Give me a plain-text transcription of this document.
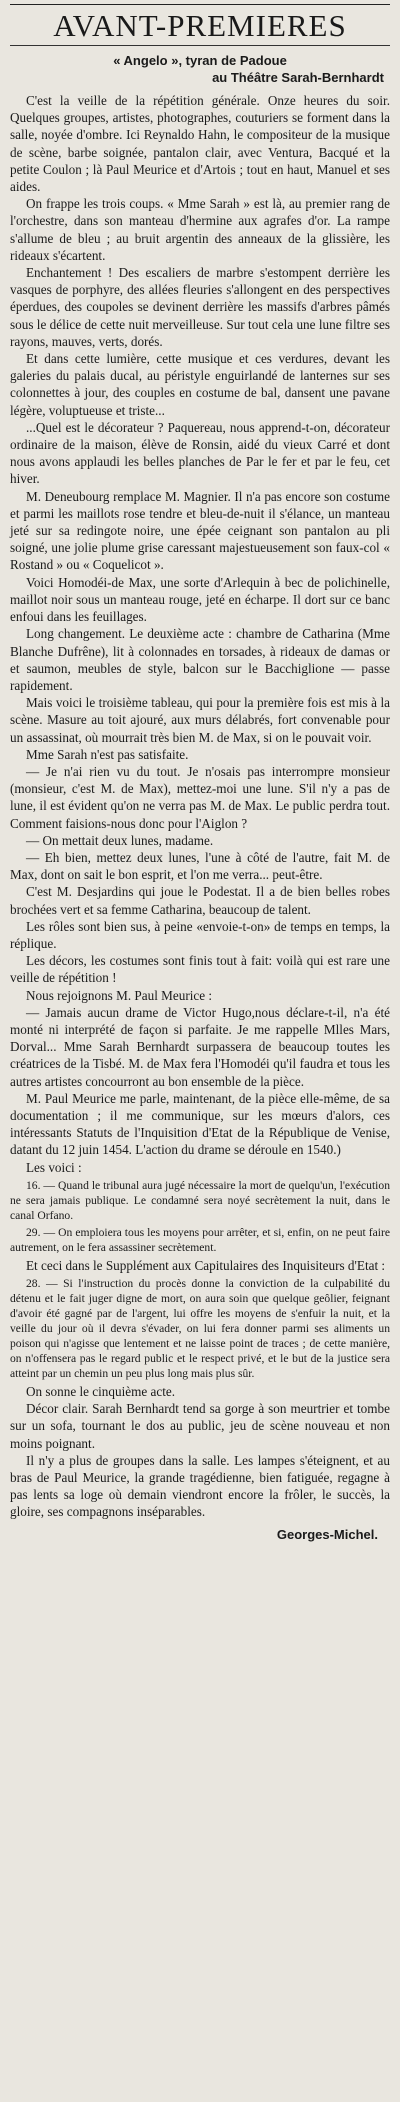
AVANT-PREMIERES
« Angelo », tyran de Padoue
au Théâtre Sarah-Bernhardt

C'est la veille de la répétition générale. Onze heures du soir. Quelques groupes, artistes, photographes, couturiers se forment dans la salle, noyée d'ombre. Ici Reynaldo Hahn, le compositeur de la musique de scène, barbe soignée, pantalon clair, avec Ventura, Bacqué et la petite Coulon ; là Paul Meurice et d'Artois ; tout en haut, Manuel et ses aides.

On frappe les trois coups. « Mme Sarah » est là, au premier rang de l'orchestre, dans son manteau d'hermine aux agrafes d'or. La rampe s'allume de bleu ; au bruit argentin des anneaux de la glissière, les rideaux s'écartent.

Enchantement ! Des escaliers de marbre s'estompent derrière les vasques de porphyre, des allées fleuries s'allongent en des perspectives éperdues, des coupoles se devinent derrière les massifs d'arbres pâmés sous le délice de cette nuit merveilleuse. Sur tout cela une lune filtre ses rayons, mauves, verts, dorés.

Et dans cette lumière, cette musique et ces verdures, devant les galeries du palais ducal, au péristyle enguirlandé de lanternes sur ses colonnettes à jour, des couples en costume de bal, dansent une pavane légère, voluptueuse et triste...

...Quel est le décorateur ? Paquereau, nous apprend-t-on, décorateur ordinaire de la maison, élève de Ronsin, aidé du vieux Carré et dont nous avons applaudi les belles planches de Par le fer et par le feu, cet hiver.

M. Deneubourg remplace M. Magnier. Il n'a pas encore son costume et parmi les maillots rose tendre et bleu-de-nuit il s'élance, un manteau jeté sur sa redingote noire, une épée ceignant son pantalon au pli soigné, une jolie plume grise caressant majestueusement son faux-col « Rostand » ou « Coquelicot ».

Voici Homodéi-de Max, une sorte d'Arlequin à bec de polichinelle, maillot noir sous un manteau rouge, jeté en écharpe. Il dort sur ce banc enfoui dans les feuillages.

Long changement. Le deuxième acte : chambre de Catharina (Mme Blanche Dufrêne), lit à colonnades en torsades, à rideaux de damas or et saumon, meubles de style, balcon sur le Bacchiglione — passe rapidement.

Mais voici le troisième tableau, qui pour la première fois est mis à la scène. Masure au toit ajouré, aux murs délabrés, fort convenable pour un assassinat, où mourrait très bien M. de Max, si on le pouvait voir.

Mme Sarah n'est pas satisfaite.

— Je n'ai rien vu du tout. Je n'osais pas interrompre monsieur (monsieur, c'est M. de Max), mettez-moi une lune. S'il n'y a pas de lune, il est évident qu'on ne verra pas M. de Max. Le public perdra tout. Comment faisions-nous donc pour l'Aiglon ?

— On mettait deux lunes, madame.

— Eh bien, mettez deux lunes, l'une à côté de l'autre, fait M. de Max, dont on sait le bon esprit, et l'on me verra... peut-être.

C'est M. Desjardins qui joue le Podestat. Il a de bien belles robes brochées vert et sa femme Catharina, beaucoup de talent.

Les rôles sont bien sus, à peine «envoie-t-on» de temps en temps, la réplique.

Les décors, les costumes sont finis tout à fait: voilà qui est rare une veille de répétition !

Nous rejoignons M. Paul Meurice :

— Jamais aucun drame de Victor Hugo,nous déclare-t-il, n'a été monté ni interprété de façon si parfaite. Je me rappelle Mlles Mars, Dorval... Mme Sarah Bernhardt surpassera de beaucoup toutes les créatrices de la Tisbé. M. de Max fera l'Homodéi qu'il faudra et tous les autres artistes concourront au bon ensemble de la pièce.

M. Paul Meurice me parle, maintenant, de la pièce elle-même, de sa documentation ; il me communique, sur les mœurs d'alors, ces intéressants Statuts de l'Inquisition d'Etat de la République de Venise, datant du 12 juin 1454. L'action du drame se déroule en 1540.)

Les voici :

16. — Quand le tribunal aura jugé nécessaire la mort de quelqu'un, l'exécution ne sera jamais publique. Le condamné sera noyé secrètement la nuit, dans le canal Orfano.

29. — On emploiera tous les moyens pour arrêter, et si, enfin, on ne peut faire autrement, on le fera assassiner secrètement.

Et ceci dans le Supplément aux Capitulaires des Inquisiteurs d'Etat :

28. — Si l'instruction du procès donne la conviction de la culpabilité du détenu et le fait juger digne de mort, on aura soin que quelque geôlier, feignant d'avoir été gagné par de l'argent, lui offre les moyens de s'enfuir la nuit, et la veille du jour où il devra s'évader, on lui fera donner parmi ses aliments un poison qui n'agisse que lentement et ne laisse point de traces ; de cette manière, on n'offensera pas le regard public et le respect privé, et le but de la justice sera atteint par un chemin un peu plus long mais plus sûr.

On sonne le cinquième acte.

Décor clair. Sarah Bernhardt tend sa gorge à son meurtrier et tombe sur un sofa, tournant le dos au public, jeu de scène nouveau et non moins poignant.

Il n'y a plus de groupes dans la salle. Les lampes s'éteignent, et au bras de Paul Meurice, la grande tragédienne, bien fatiguée, regagne à pas lents sa loge où demain viendront encore la frôler, le succès, la gloire, ses compagnons inséparables.

Georges-Michel.
